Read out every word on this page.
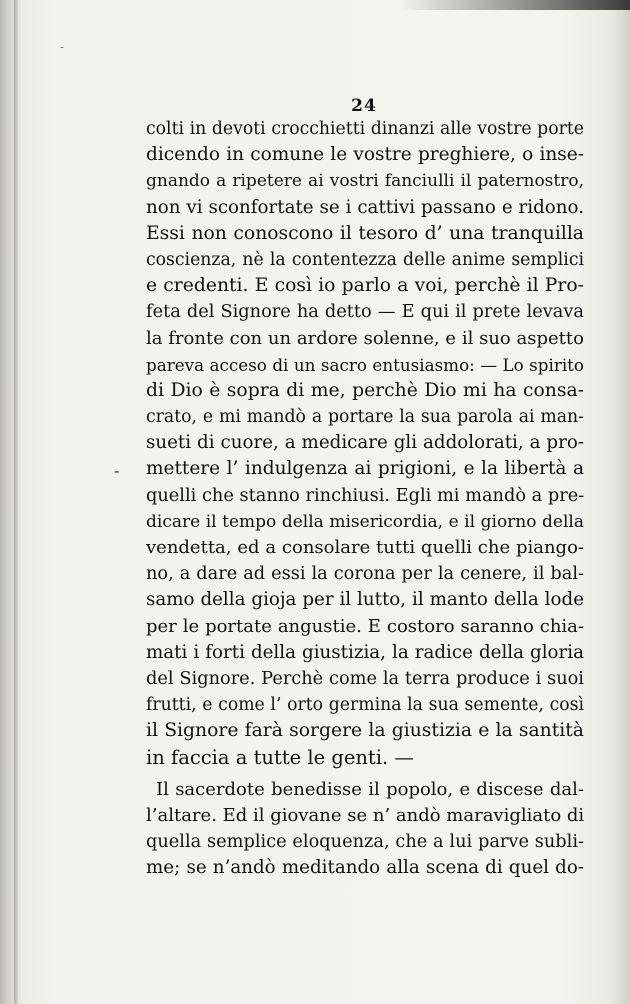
-
24
-
colti in devoti crocchietti dinanzi alle vostre porte
dicendo in comune le vostre preghiere, o inse-
gnando a ripetere ai vostri fanciulli il paternostro,
non vi sconfortate se i cattivi passano e ridono.
Essi non conoscono il tesoro d’ una tranquilla
coscienza, nè la contentezza delle anime semplici
e credenti. E così io parlo a voi, perchè il Pro-
feta del Signore ha detto — E qui il prete levava
la fronte con un ardore solenne, e il suo aspetto
pareva acceso di un sacro entusiasmo: — Lo spirito
di Dio è sopra di me, perchè Dio mi ha consa-
crato, e mi mandò a portare la sua parola ai man-
sueti di cuore, a medicare gli addolorati, a pro-
mettere l’ indulgenza ai prigioni, e la libertà a
quelli che stanno rinchiusi. Egli mi mandò a pre-
dicare il tempo della misericordia, e il giorno della
vendetta, ed a consolare tutti quelli che piango-
no, a dare ad essi la corona per la cenere, il bal-
samo della gioja per il lutto, il manto della lode
per le portate angustie. E costoro saranno chia-
mati i forti della giustizia, la radice della gloria
del Signore. Perchè come la terra produce i suoi
frutti, e come l’ orto germina la sua semente, così
il Signore farà sorgere la giustizia e la santità
in faccia a tutte le genti. —
Il sacerdote benedisse il popolo, e discese dal-
l’altare. Ed il giovane se n’ andò maravigliato di
quella semplice eloquenza, che a lui parve subli-
me; se n’andò meditando alla scena di quel do-
